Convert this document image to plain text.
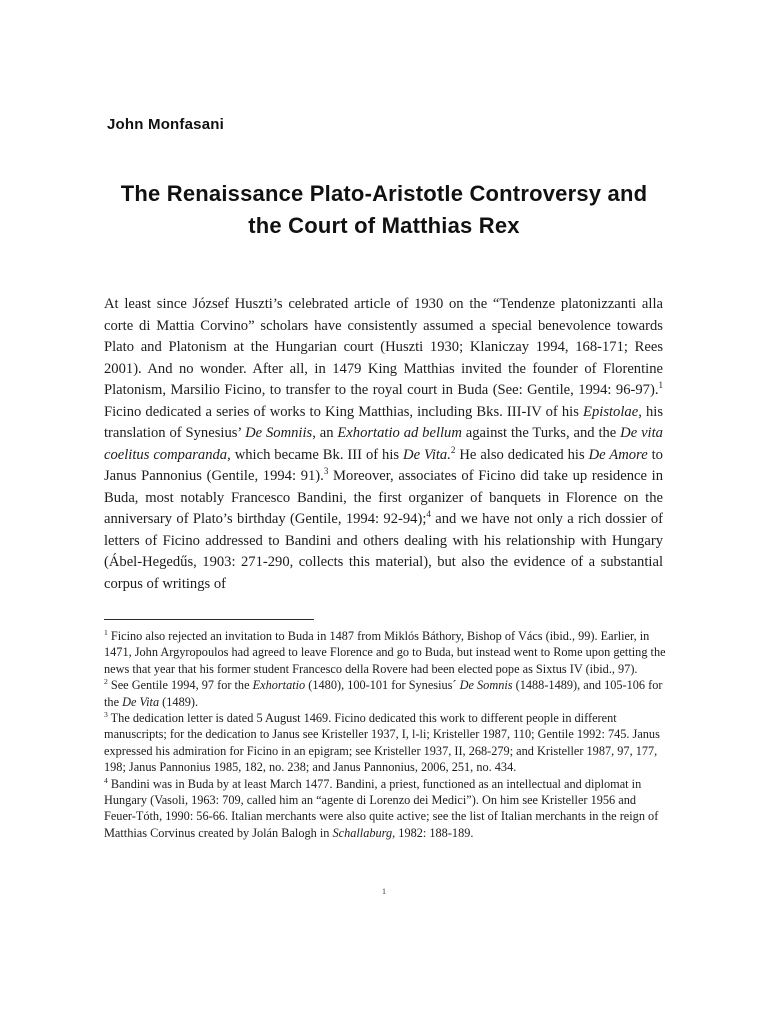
John Monfasani
The Renaissance Plato-Aristotle Controversy and
the Court of Matthias Rex
At least since József Huszti’s celebrated article of 1930 on the “Tendenze platonizzanti alla corte di Mattia Corvino” scholars have consistently assumed a special benevolence towards Plato and Platonism at the Hungarian court (Huszti 1930; Klaniczay 1994, 168-171; Rees 2001). And no wonder. After all, in 1479 King Matthias invited the founder of Florentine Platonism, Marsilio Ficino, to transfer to the royal court in Buda (See: Gentile, 1994: 96-97).$^1$ Ficino dedicated a series of works to King Matthias, including Bks. III-IV of his Epistolae, his translation of Synesius’ De Somniis, an Exhortatio ad bellum against the Turks, and the De vita coelitus comparanda, which became Bk. III of his De Vita.$^2$ He also dedicated his De Amore to Janus Pannonius (Gentile, 1994: 91).$^3$ Moreover, associates of Ficino did take up residence in Buda, most notably Francesco Bandini, the first organizer of banquets in Florence on the anniversary of Plato’s birthday (Gentile, 1994: 92-94);$^4$ and we have not only a rich dossier of letters of Ficino addressed to Bandini and others dealing with his relationship with Hungary (Ábel-Hegedűs, 1903: 271-290, collects this material), but also the evidence of a substantial corpus of writings of
$^1$ Ficino also rejected an invitation to Buda in 1487 from Miklós Báthory, Bishop of Vács (ibid., 99). Earlier, in 1471, John Argyropoulos had agreed to leave Florence and go to Buda, but instead went to Rome upon getting the news that year that his former student Francesco della Rovere had been elected pope as Sixtus IV (ibid., 97).
$^2$ See Gentile 1994, 97 for the Exhortatio (1480), 100-101 for Synesius´ De Somnis (1488-1489), and 105-106 for the De Vita (1489).
$^3$ The dedication letter is dated 5 August 1469. Ficino dedicated this work to different people in different manuscripts; for the dedication to Janus see Kristeller 1937, I, l-li; Kristeller 1987, 110; Gentile 1992: 745. Janus expressed his admiration for Ficino in an epigram; see Kristeller 1937, II, 268-279; and Kristeller 1987, 97, 177, 198; Janus Pannonius 1985, 182, no. 238; and Janus Pannonius, 2006, 251, no. 434.
$^4$ Bandini was in Buda by at least March 1477. Bandini, a priest, functioned as an intellectual and diplomat in Hungary (Vasoli, 1963: 709, called him an “agente di Lorenzo dei Medici”). On him see Kristeller 1956 and Feuer-Tóth, 1990: 56-66. Italian merchants were also quite active; see the list of Italian merchants in the reign of Matthias Corvinus created by Jolán Balogh in Schallaburg, 1982: 188-189.
1
